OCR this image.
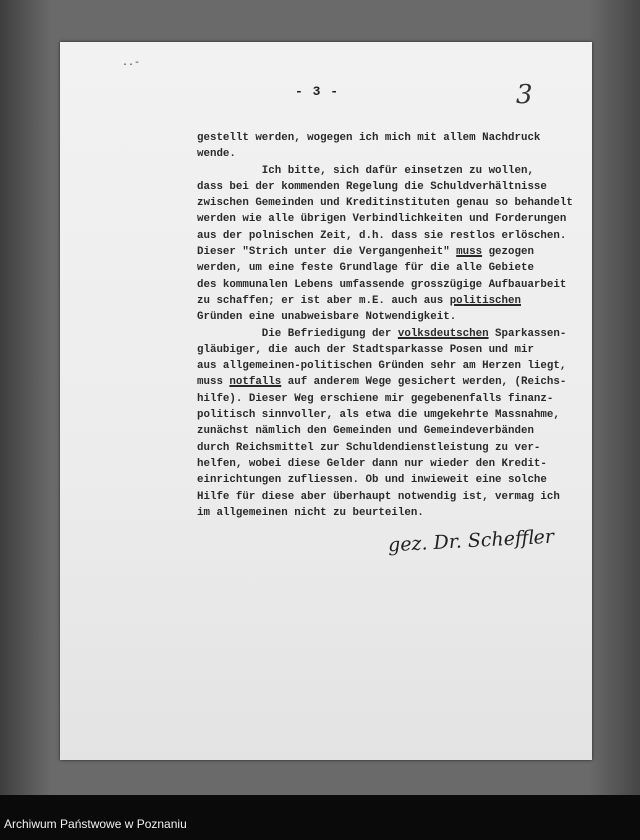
..-
- 3 -	3
gestellt werden, wogegen ich mich mit allem Nachdruck
wende.
Ich bitte, sich dafür einsetzen zu wollen,
dass bei der kommenden Regelung die Schuldverhältnisse
zwischen Gemeinden und Kreditinstituten genau so behandelt
werden wie alle übrigen Verbindlichkeiten und Forderungen
aus der polnischen Zeit, d.h. dass sie restlos erlöschen.
Dieser "Strich unter die Vergangenheit" muss gezogen
werden, um eine feste Grundlage für die alle Gebiete
des kommunalen Lebens umfassende grosszügige Aufbauarbeit
zu schaffen; er ist aber m.E. auch aus politischen
Gründen eine unabweisbare Notwendigkeit.
Die Befriedigung der volksdeutschen Sparkassen-
gläubiger, die auch der Stadtsparkasse Posen und mir
aus allgemeinen-politischen Gründen sehr am Herzen liegt,
muss notfalls auf anderem Wege gesichert werden, (Reichs-
hilfe). Dieser Weg erschiene mir gegebenenfalls finanz-
politisch sinnvoller, als etwa die umgekehrte Massnahme,
zunächst nämlich den Gemeinden und Gemeindeverbänden
durch Reichsmittel zur Schuldendienstleistung zu ver-
helfen, wobei diese Gelder dann nur wieder den Kredit-
einrichtungen zufliessen. Ob und inwieweit eine solche
Hilfe für diese aber überhaupt notwendig ist, vermag ich
im allgemeinen nicht zu beurteilen.
gez. Dr. Scheffler
Archiwum Państwowe w Poznaniu
